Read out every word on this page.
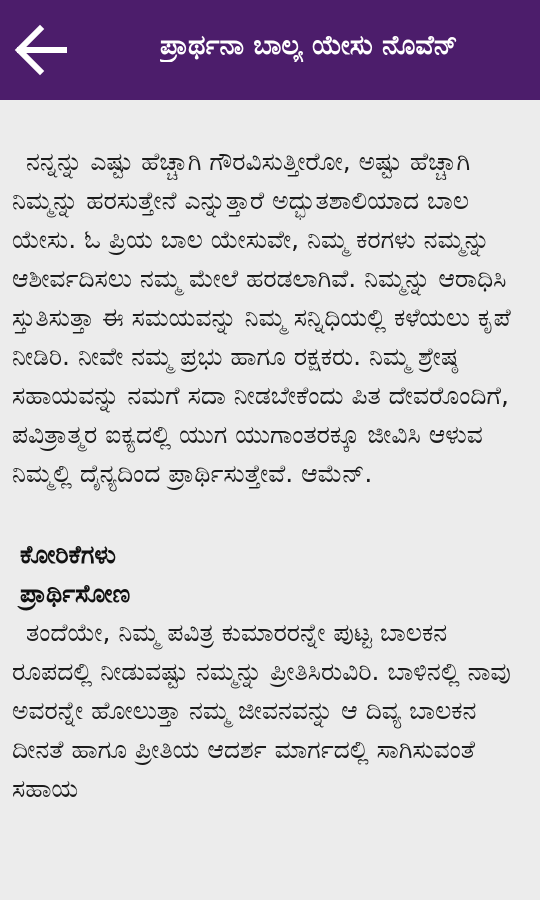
ಪ್ರಾರ್ಥನಾ ಬಾಲ್ಯ ಯೇಸು ನೊವೆನ್

ನನ್ನನ್ನು ಎಷ್ಟು ಹೆಚ್ಚಾಗಿ ಗೌರವಿಸುತ್ತೀರೋ, ಅಷ್ಟು ಹೆಚ್ಚಾಗಿ ನಿಮ್ಮನ್ನು ಹರಸುತ್ತೇನೆ ಎನ್ನುತ್ತಾರೆ ಅದ್ಭುತಶಾಲಿಯಾದ ಬಾಲ ಯೇಸು. ಓ ಪ್ರಿಯ ಬಾಲ ಯೇಸುವೇ, ನಿಮ್ಮ ಕರಗಳು ನಮ್ಮನ್ನು ಆಶೀರ್ವದಿಸಲು ನಮ್ಮ ಮೇಲೆ ಹರಡಲಾಗಿವೆ. ನಿಮ್ಮನ್ನು ಆರಾಧಿಸಿ ಸ್ತುತಿಸುತ್ತಾ ಈ ಸಮಯವನ್ನು ನಿಮ್ಮ ಸನ್ನಿಧಿಯಲ್ಲಿ ಕಳೆಯಲು ಕೃಪೆ ನೀಡಿರಿ. ನೀವೇ ನಮ್ಮ ಪ್ರಭು ಹಾಗೂ ರಕ್ಷಕರು. ನಿಮ್ಮ ಶ್ರೇಷ್ಠ ಸಹಾಯವನ್ನು ನಮಗೆ ಸದಾ ನೀಡಬೇಕೆಂದು ಪಿತ ದೇವರೊಂದಿಗೆ, ಪವಿತ್ರಾತ್ಮರ ಐಕ್ಯದಲ್ಲಿ ಯುಗ ಯುಗಾಂತರಕ್ಕೂ ಜೀವಿಸಿ ಆಳುವ ನಿಮ್ಮಲ್ಲಿ ದೈನ್ಯದಿಂದ ಪ್ರಾರ್ಥಿಸುತ್ತೇವೆ. ಆಮೆನ್.

ಕೋರಿಕೆಗಳು

ಪ್ರಾರ್ಥಿಸೋಣ

ತಂದೆಯೇ, ನಿಮ್ಮ ಪವಿತ್ರ ಕುಮಾರರನ್ನೇ ಪುಟ್ಟ ಬಾಲಕನ ರೂಪದಲ್ಲಿ ನೀಡುವಷ್ಟು ನಮ್ಮನ್ನು ಪ್ರೀತಿಸಿರುವಿರಿ. ಬಾಳಿನಲ್ಲಿ ನಾವು ಅವರನ್ನೇ ಹೋಲುತ್ತಾ ನಮ್ಮ ಜೀವನವನ್ನು ಆ ದಿವ್ಯ ಬಾಲಕನ ದೀನತೆ ಹಾಗೂ ಪ್ರೀತಿಯ ಆದರ್ಶ ಮಾರ್ಗದಲ್ಲಿ ಸಾಗಿಸುವಂತೆ ಸಹಾಯ
